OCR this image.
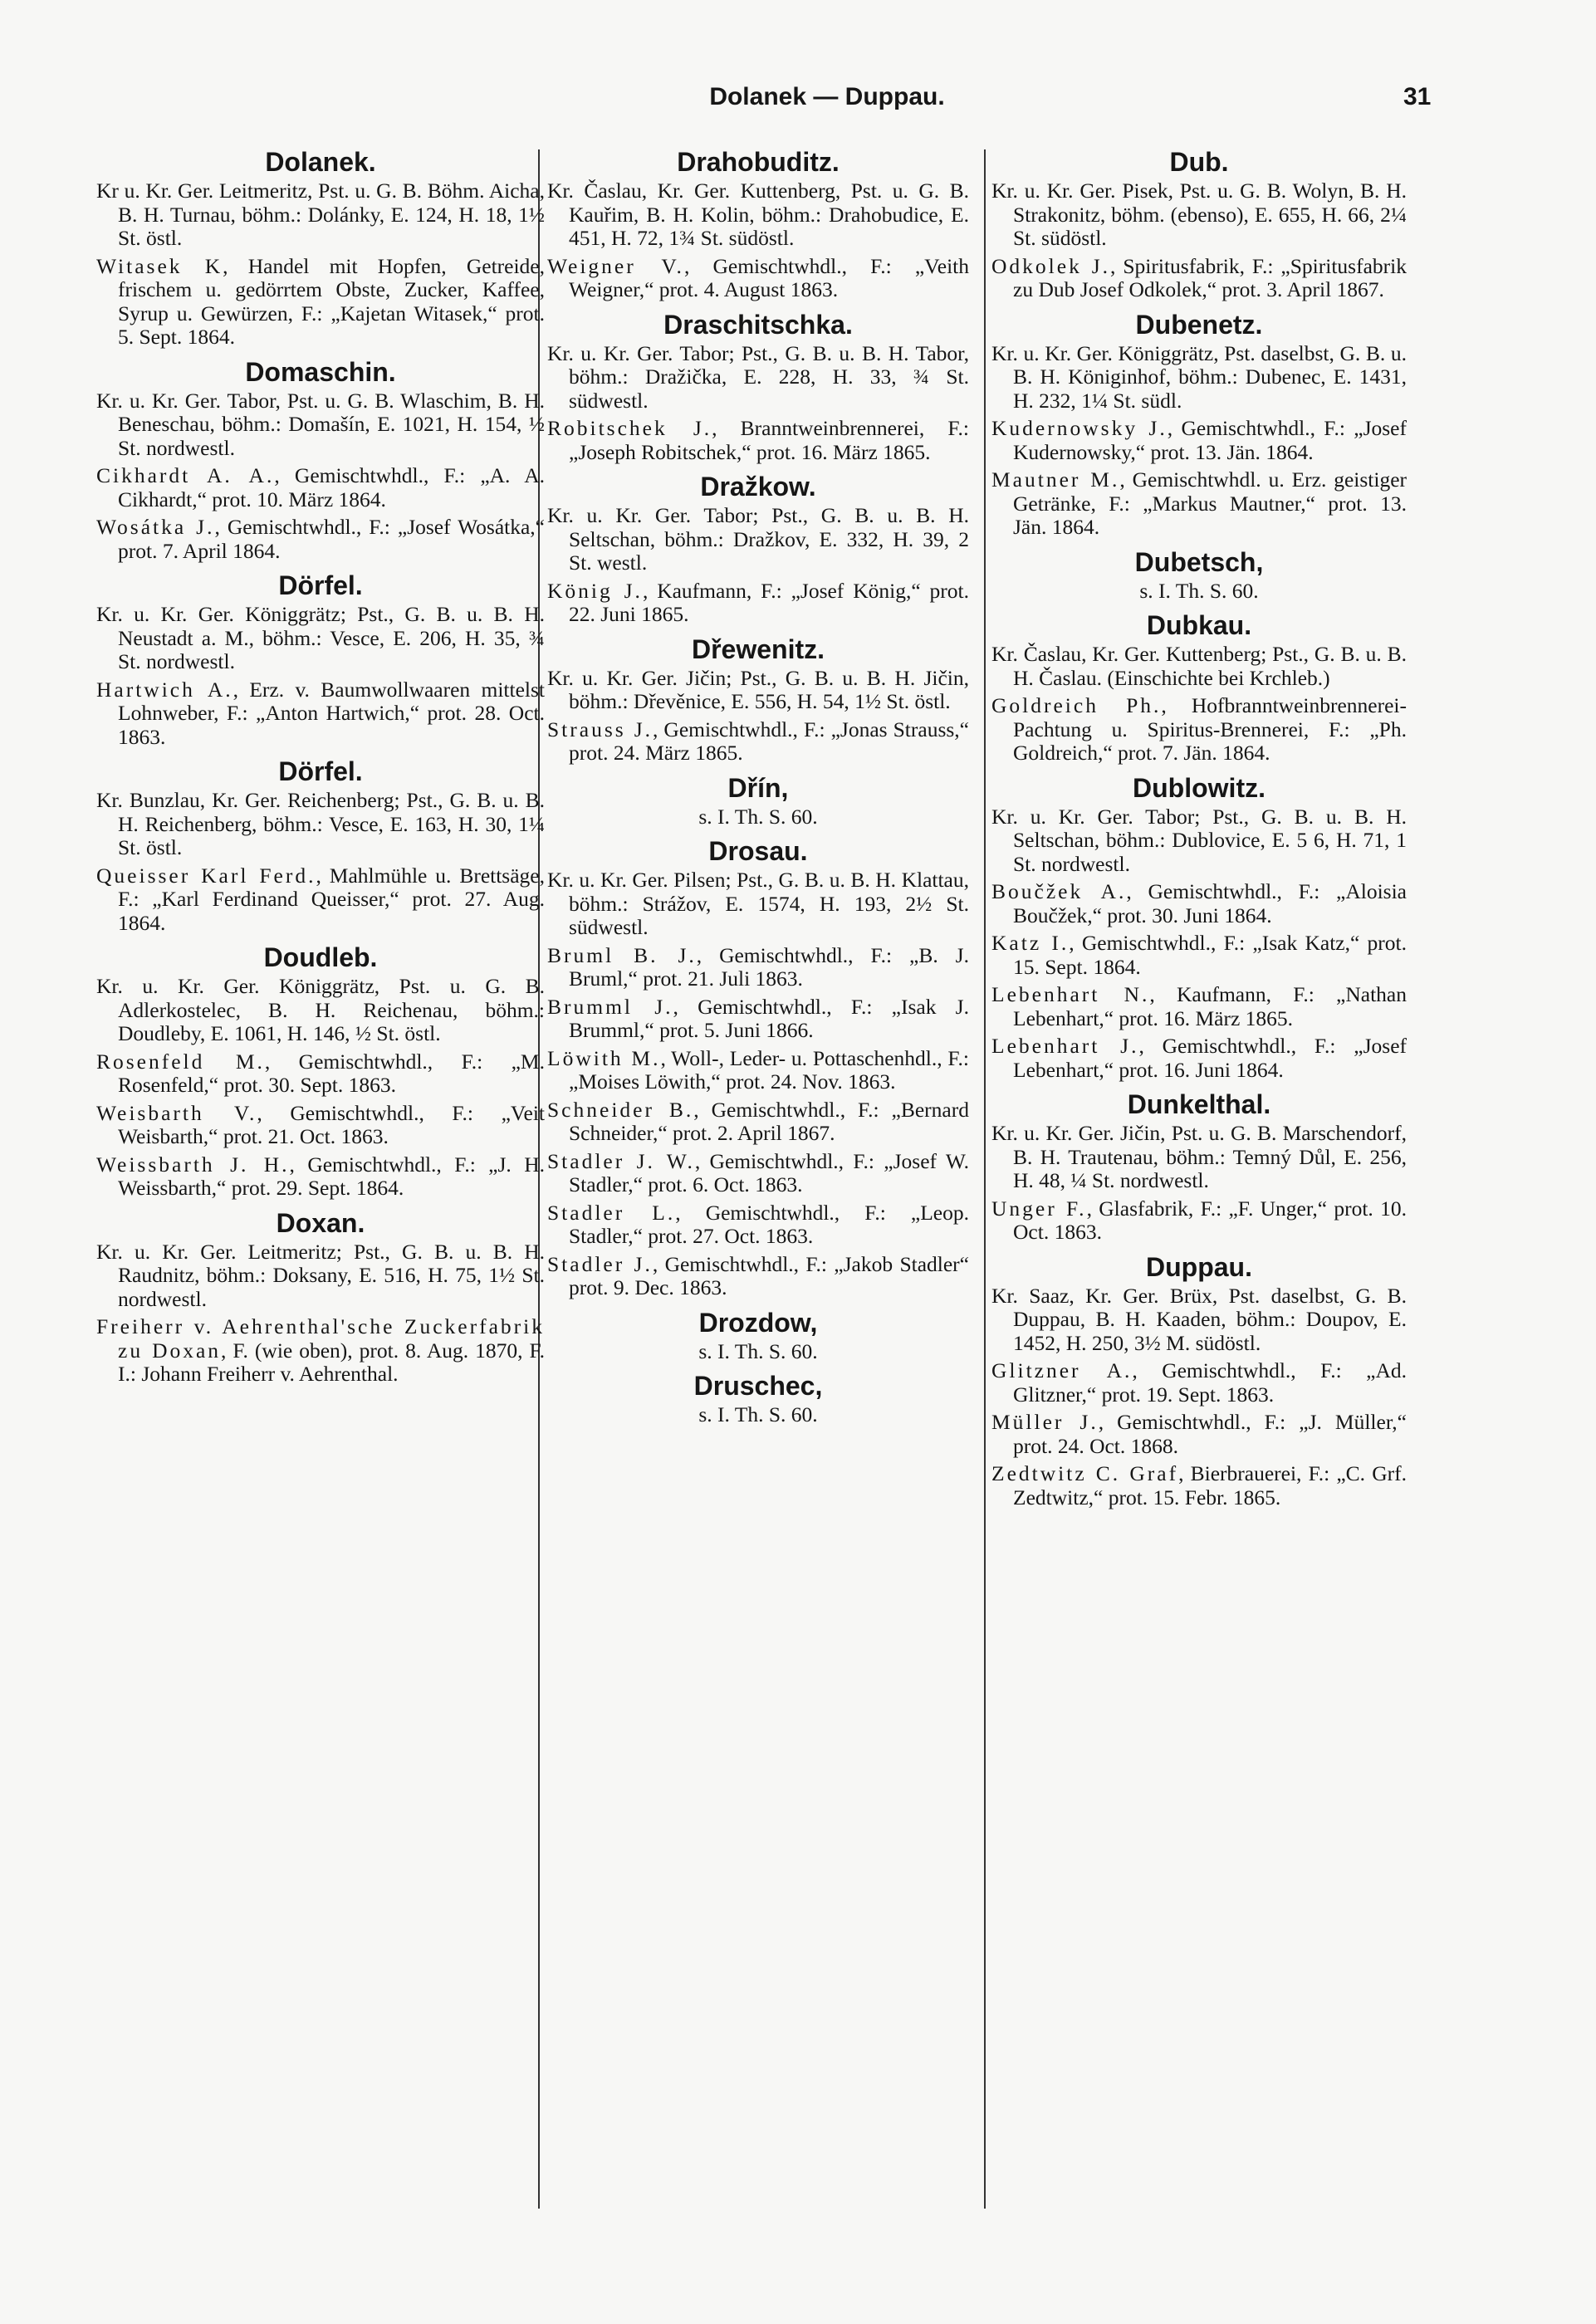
Dolanek — Duppau.	31
Dolanek.
Kr u. Kr. Ger. Leitmeritz, Pst. u. G. B. Böhm. Aicha, B. H. Turnau, böhm.: Dolánky, E. 124, H. 18, 1½ St. östl.
Witasek K, Handel mit Hopfen, Getreide, frischem u. gedörrtem Obste, Zucker, Kaffee, Syrup u. Gewürzen, F.: „Kajetan Witasek,“ prot. 5. Sept. 1864.
Domaschin.
Kr. u. Kr. Ger. Tabor, Pst. u. G. B. Wlaschim, B. H. Beneschau, böhm.: Domašín, E. 1021, H. 154, ½ St. nordwestl.
Cikhardt A. A., Gemischtwhdl., F.: „A. A. Cikhardt,“ prot. 10. März 1864.
Wosátka J., Gemischtwhdl., F.: „Josef Wosátka,“ prot. 7. April 1864.
Dörfel.
Kr. u. Kr. Ger. Königgrätz; Pst., G. B. u. B. H. Neustadt a. M., böhm.: Vesce, E. 206, H. 35, ¾ St. nordwestl.
Hartwich A., Erz. v. Baumwollwaaren mittelst Lohnweber, F.: „Anton Hartwich,“ prot. 28. Oct. 1863.
Dörfel.
Kr. Bunzlau, Kr. Ger. Reichenberg; Pst., G. B. u. B. H. Reichenberg, böhm.: Vesce, E. 163, H. 30, 1¼ St. östl.
Queisser Karl Ferd., Mahlmühle u. Brettsäge, F.: „Karl Ferdinand Queisser,“ prot. 27. Aug. 1864.
Doudleb.
Kr. u. Kr. Ger. Königgrätz, Pst. u. G. B. Adlerkostelec, B. H. Reichenau, böhm.: Doudleby, E. 1061, H. 146, ½ St. östl.
Rosenfeld M., Gemischtwhdl., F.: „M. Rosenfeld,“ prot. 30. Sept. 1863.
Weisbarth V., Gemischtwhdl., F.: „Veit Weisbarth,“ prot. 21. Oct. 1863.
Weissbarth J. H., Gemischtwhdl., F.: „J. H. Weissbarth,“ prot. 29. Sept. 1864.
Doxan.
Kr. u. Kr. Ger. Leitmeritz; Pst., G. B. u. B. H. Raudnitz, böhm.: Doksany, E. 516, H. 75, 1½ St. nordwestl.
Freiherr v. Aehrenthal'sche Zuckerfabrik zu Doxan, F. (wie oben), prot. 8. Aug. 1870, F. I.: Johann Freiherr v. Aehrenthal.
Drahobuditz.
Kr. Časlau, Kr. Ger. Kuttenberg, Pst. u. G. B. Kauřim, B. H. Kolin, böhm.: Drahobudice, E. 451, H. 72, 1¾ St. südöstl.
Weigner V., Gemischtwhdl., F.: „Veith Weigner,“ prot. 4. August 1863.
Draschitschka.
Kr. u. Kr. Ger. Tabor; Pst., G. B. u. B. H. Tabor, böhm.: Dražička, E. 228, H. 33, ¾ St. südwestl.
Robitschek J., Branntweinbrennerei, F.: „Joseph Robitschek,“ prot. 16. März 1865.
Dražkow.
Kr. u. Kr. Ger. Tabor; Pst., G. B. u. B. H. Seltschan, böhm.: Dražkov, E. 332, H. 39, 2 St. westl.
König J., Kaufmann, F.: „Josef König,“ prot. 22. Juni 1865.
Dřewenitz.
Kr. u. Kr. Ger. Jičin; Pst., G. B. u. B. H. Jičin, böhm.: Dřevěnice, E. 556, H. 54, 1½ St. östl.
Strauss J., Gemischtwhdl., F.: „Jonas Strauss,“ prot. 24. März 1865.
Dřín,
s. I. Th. S. 60.
Drosau.
Kr. u. Kr. Ger. Pilsen; Pst., G. B. u. B. H. Klattau, böhm.: Strážov, E. 1574, H. 193, 2½ St. südwestl.
Bruml B. J., Gemischtwhdl., F.: „B. J. Bruml,“ prot. 21. Juli 1863.
Brumml J., Gemischtwhdl., F.: „Isak J. Brumml,“ prot. 5. Juni 1866.
Löwith M., Woll-, Leder- u. Pottaschenhdl., F.: „Moises Löwith,“ prot. 24. Nov. 1863.
Schneider B., Gemischtwhdl., F.: „Bernard Schneider,“ prot. 2. April 1867.
Stadler J. W., Gemischtwhdl., F.: „Josef W. Stadler,“ prot. 6. Oct. 1863.
Stadler L., Gemischtwhdl., F.: „Leop. Stadler,“ prot. 27. Oct. 1863.
Stadler J., Gemischtwhdl., F.: „Jakob Stadler“ prot. 9. Dec. 1863.
Drozdow,
s. I. Th. S. 60.
Druschec,
s. I. Th. S. 60.
Dub.
Kr. u. Kr. Ger. Pisek, Pst. u. G. B. Wolyn, B. H. Strakonitz, böhm. (ebenso), E. 655, H. 66, 2¼ St. südöstl.
Odkolek J., Spiritusfabrik, F.: „Spiritusfabrik zu Dub Josef Odkolek,“ prot. 3. April 1867.
Dubenetz.
Kr. u. Kr. Ger. Königgrätz, Pst. daselbst, G. B. u. B. H. Königinhof, böhm.: Dubenec, E. 1431, H. 232, 1¼ St. südl.
Kudernowsky J., Gemischtwhdl., F.: „Josef Kudernowsky,“ prot. 13. Jän. 1864.
Mautner M., Gemischtwhdl. u. Erz. geistiger Getränke, F.: „Markus Mautner,“ prot. 13. Jän. 1864.
Dubetsch,
s. I. Th. S. 60.
Dubkau.
Kr. Časlau, Kr. Ger. Kuttenberg; Pst., G. B. u. B. H. Časlau. (Einschichte bei Krchleb.)
Goldreich Ph., Hofbranntweinbrennerei-Pachtung u. Spiritus-Brennerei, F.: „Ph. Goldreich,“ prot. 7. Jän. 1864.
Dublowitz.
Kr. u. Kr. Ger. Tabor; Pst., G. B. u. B. H. Seltschan, böhm.: Dublovice, E. 5 6, H. 71, 1 St. nordwestl.
Boučžek A., Gemischtwhdl., F.: „Aloisia Boučžek,“ prot. 30. Juni 1864.
Katz I., Gemischtwhdl., F.: „Isak Katz,“ prot. 15. Sept. 1864.
Lebenhart N., Kaufmann, F.: „Nathan Lebenhart,“ prot. 16. März 1865.
Lebenhart J., Gemischtwhdl., F.: „Josef Lebenhart,“ prot. 16. Juni 1864.
Dunkelthal.
Kr. u. Kr. Ger. Jičin, Pst. u. G. B. Marschendorf, B. H. Trautenau, böhm.: Temný Důl, E. 256, H. 48, ¼ St. nordwestl.
Unger F., Glasfabrik, F.: „F. Unger,“ prot. 10. Oct. 1863.
Duppau.
Kr. Saaz, Kr. Ger. Brüx, Pst. daselbst, G. B. Duppau, B. H. Kaaden, böhm.: Doupov, E. 1452, H. 250, 3½ M. südöstl.
Glitzner A., Gemischtwhdl., F.: „Ad. Glitzner,“ prot. 19. Sept. 1863.
Müller J., Gemischtwhdl., F.: „J. Müller,“ prot. 24. Oct. 1868.
Zedtwitz C. Graf, Bierbrauerei, F.: „C. Grf. Zedtwitz,“ prot. 15. Febr. 1865.
